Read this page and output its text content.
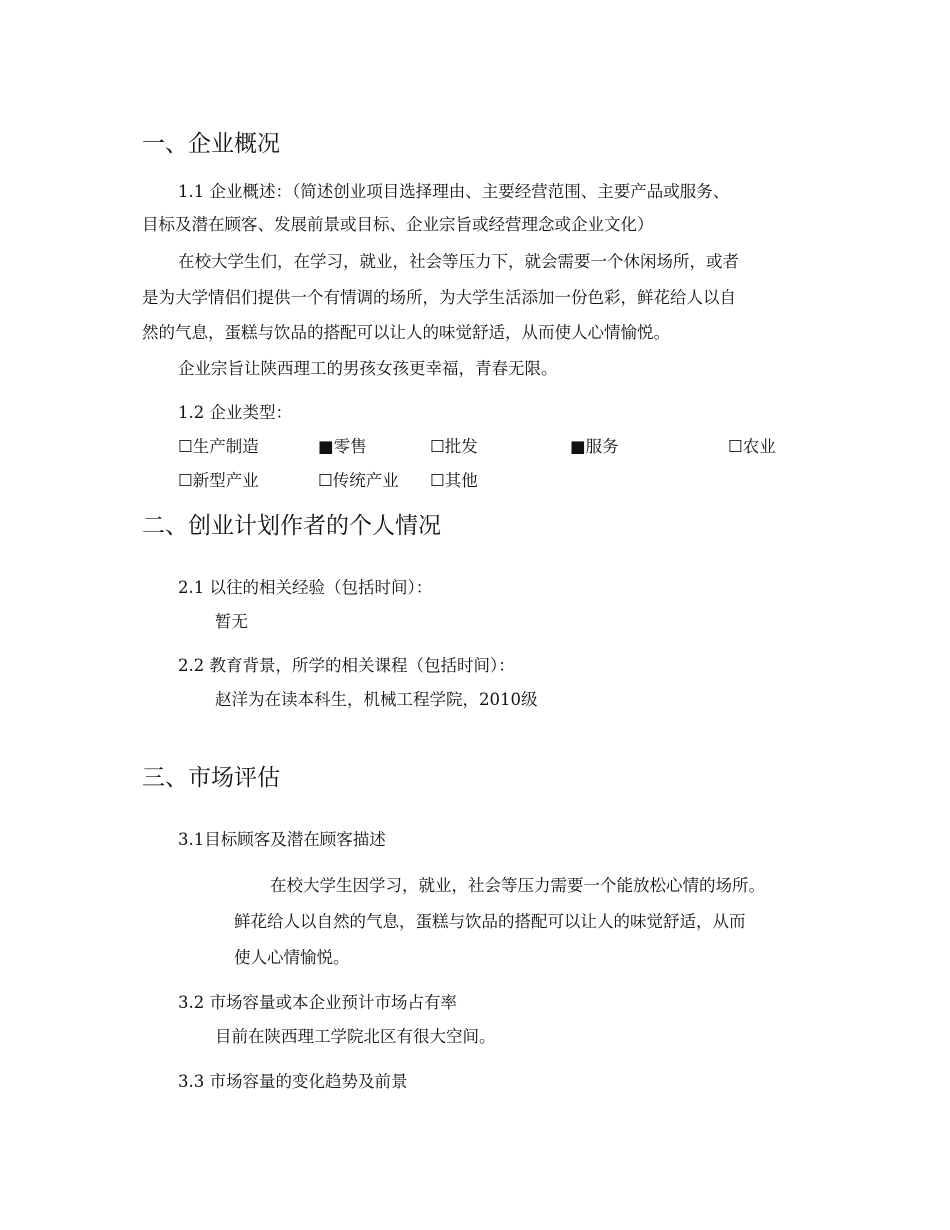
一、企业概况
1.1 企业概述：（简述创业项目选择理由、主要经营范围、主要产品或服务、
目标及潜在顾客、发展前景或目标、企业宗旨或经营理念或企业文化）
在校大学生们，在学习，就业，社会等压力下，就会需要一个休闲场所，或者
是为大学情侣们提供一个有情调的场所，为大学生活添加一份色彩，鲜花给人以自
然的气息，蛋糕与饮品的搭配可以让人的味觉舒适，从而使人心情愉悦。
企业宗旨让陕西理工的男孩女孩更幸福，青春无限。
1.2 企业类型：
☐生产制造	■零售	☐批发	■服务	☐农业
☐新型产业	☐传统产业 ☐其他
二、创业计划作者的个人情况
2.1 以往的相关经验（包括时间）：
暂无
2.2 教育背景，所学的相关课程（包括时间）：
赵洋为在读本科生，机械工程学院，2010级
三、市场评估
3.1目标顾客及潜在顾客描述
在校大学生因学习，就业，社会等压力需要一个能放松心情的场所。
鲜花给人以自然的气息，蛋糕与饮品的搭配可以让人的味觉舒适，从而
使人心情愉悦。
3.2 市场容量或本企业预计市场占有率
目前在陕西理工学院北区有很大空间。
3.3 市场容量的变化趋势及前景
